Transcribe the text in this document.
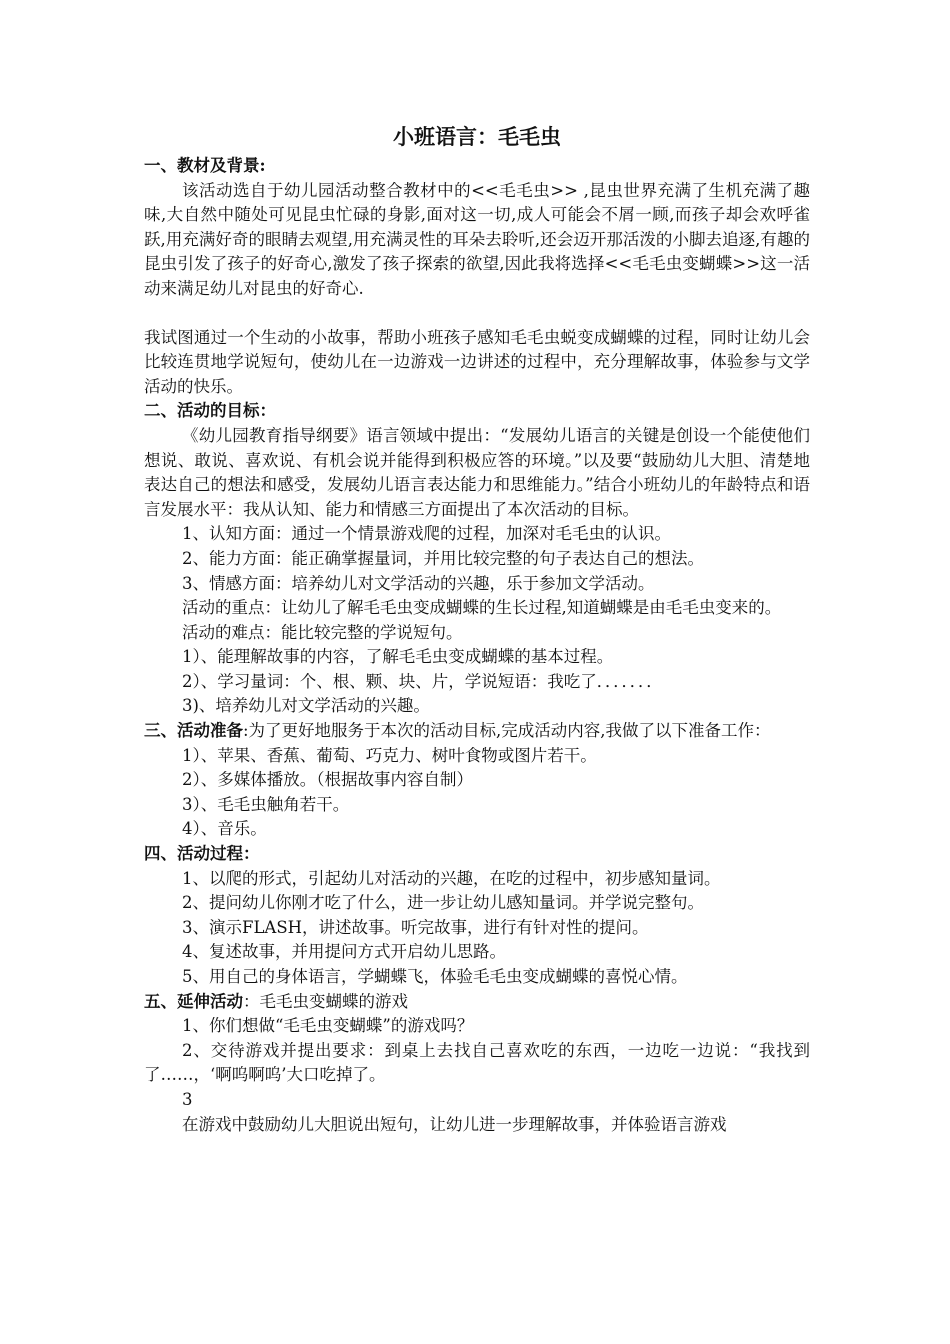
小班语言：毛毛虫
一、教材及背景:

该活动选自于幼儿园活动整合教材中的<<毛毛虫>> ,昆虫世界充满了生机充满了趣味,大自然中随处可见昆虫忙碌的身影,面对这一切,成人可能会不屑一顾,而孩子却会欢呼雀跃,用充满好奇的眼睛去观望,用充满灵性的耳朵去聆听,还会迈开那活泼的小脚去追逐,有趣的昆虫引发了孩子的好奇心,激发了孩子探索的欲望,因此我将选择<<毛毛虫变蝴蝶>>这一活动来满足幼儿对昆虫的好奇心.

我试图通过一个生动的小故事，帮助小班孩子感知毛毛虫蜕变成蝴蝶的过程，同时让幼儿会比较连贯地学说短句，使幼儿在一边游戏一边讲述的过程中，充分理解故事，体验参与文学活动的快乐。

二、活动的目标：

《幼儿园教育指导纲要》语言领域中提出：“发展幼儿语言的关键是创设一个能使他们想说、敢说、喜欢说、有机会说并能得到积极应答的环境。”以及要“鼓励幼儿大胆、清楚地表达自己的想法和感受，发展幼儿语言表达能力和思维能力。”结合小班幼儿的年龄特点和语言发展水平：我从认知、能力和情感三方面提出了本次活动的目标。

1、认知方面：通过一个情景游戏爬的过程，加深对毛毛虫的认识。

2、能力方面：能正确掌握量词，并用比较完整的句子表达自己的想法。

3、情感方面：培养幼儿对文学活动的兴趣，乐于参加文学活动。

活动的重点：让幼儿了解毛毛虫变成蝴蝶的生长过程,知道蝴蝶是由毛毛虫变来的。

活动的难点：能比较完整的学说短句。

1）、能理解故事的内容，了解毛毛虫变成蝴蝶的基本过程。

2）、学习量词：个、根、颗、块、片，学说短语：我吃了．．．．．．．

3)、培养幼儿对文学活动的兴趣。

三、活动准备:为了更好地服务于本次的活动目标,完成活动内容,我做了以下准备工作：

1）、苹果、香蕉、葡萄、巧克力、树叶食物或图片若干。

2）、多媒体播放。（根据故事内容自制）

3）、毛毛虫触角若干。

4）、音乐。

四、活动过程：

1、以爬的形式，引起幼儿对活动的兴趣，在吃的过程中，初步感知量词。

2、提问幼儿你刚才吃了什么，进一步让幼儿感知量词。并学说完整句。

3、演示FLASH，讲述故事。听完故事，进行有针对性的提问。

4、复述故事，并用提问方式开启幼儿思路。

5、用自己的身体语言，学蝴蝶飞，体验毛毛虫变成蝴蝶的喜悦心情。

五、延伸活动：毛毛虫变蝴蝶的游戏

1、你们想做“毛毛虫变蝴蝶”的游戏吗？

2、交待游戏并提出要求：到桌上去找自己喜欢吃的东西，一边吃一边说：“我找到了……，‘啊呜啊呜’大口吃掉了。

3

在游戏中鼓励幼儿大胆说出短句，让幼儿进一步理解故事，并体验语言游戏
